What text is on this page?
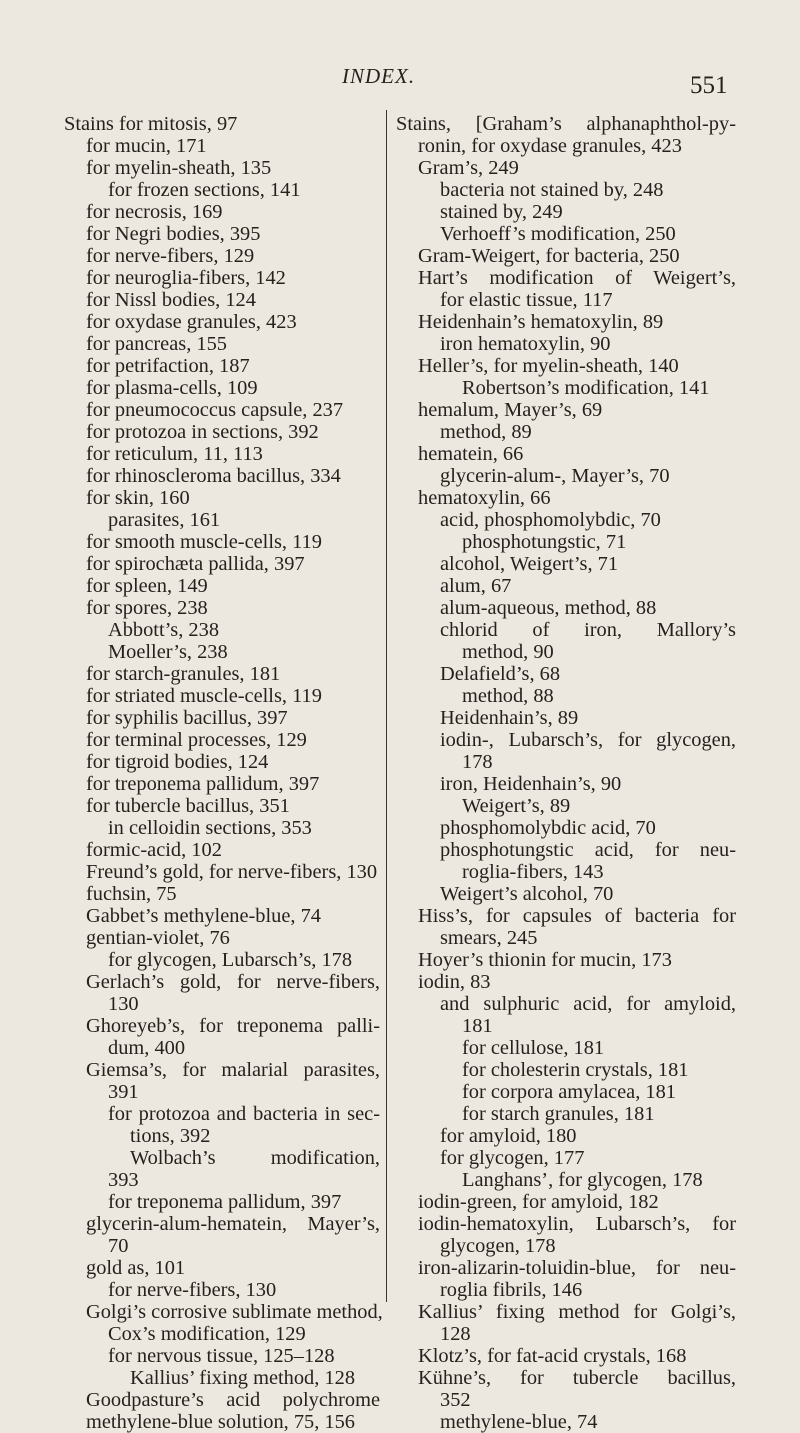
INDEX.	551
Stains for mitosis, 97
for mucin, 171
for myelin-sheath, 135
for frozen sections, 141
for necrosis, 169
for Negri bodies, 395
for nerve-fibers, 129
for neuroglia-fibers, 142
for Nissl bodies, 124
for oxydase granules, 423
for pancreas, 155
for petrifaction, 187
for plasma-cells, 109
for pneumococcus capsule, 237
for protozoa in sections, 392
for reticulum, 11, 113
for rhinoscleroma bacillus, 334
for skin, 160
parasites, 161
for smooth muscle-cells, 119
for spirochæta pallida, 397
for spleen, 149
for spores, 238
Abbott’s, 238
Moeller’s, 238
for starch-granules, 181
for striated muscle-cells, 119
for syphilis bacillus, 397
for terminal processes, 129
for tigroid bodies, 124
for treponema pallidum, 397
for tubercle bacillus, 351
in celloidin sections, 353
formic-acid, 102
Freund’s gold, for nerve-fibers, 130
fuchsin, 75
Gabbet’s methylene-blue, 74
gentian-violet, 76
for glycogen, Lubarsch’s, 178
Gerlach’s gold, for nerve-fibers,
130
Ghoreyeb’s, for treponema palli-
dum, 400
Giemsa’s, for malarial parasites,
391
for protozoa and bacteria in sec-
tions, 392
Wolbach’s modification,
393
for treponema pallidum, 397
glycerin-alum-hematein, Mayer’s,
70
gold as, 101
for nerve-fibers, 130
Golgi’s corrosive sublimate method,
Cox’s modification, 129
for nervous tissue, 125–128
Kallius’ fixing method, 128
Goodpasture’s acid polychrome
methylene-blue solution, 75, 156
Stains, [Graham’s alphanaphthol-py-
ronin, for oxydase granules, 423
Gram’s, 249
bacteria not stained by, 248
stained by, 249
Verhoeff’s modification, 250
Gram-Weigert, for bacteria, 250
Hart’s modification of Weigert’s,
for elastic tissue, 117
Heidenhain’s hematoxylin, 89
iron hematoxylin, 90
Heller’s, for myelin-sheath, 140
Robertson’s modification, 141
hemalum, Mayer’s, 69
method, 89
hematein, 66
glycerin-alum-, Mayer’s, 70
hematoxylin, 66
acid, phosphomolybdic, 70
phosphotungstic, 71
alcohol, Weigert’s, 71
alum, 67
alum-aqueous, method, 88
chlorid of iron, Mallory’s
method, 90
Delafield’s, 68
method, 88
Heidenhain’s, 89
iodin-, Lubarsch’s, for glycogen,
178
iron, Heidenhain’s, 90
Weigert’s, 89
phosphomolybdic acid, 70
phosphotungstic acid, for neu-
roglia-fibers, 143
Weigert’s alcohol, 70
Hiss’s, for capsules of bacteria for
smears, 245
Hoyer’s thionin for mucin, 173
iodin, 83
and sulphuric acid, for amyloid,
181
for cellulose, 181
for cholesterin crystals, 181
for corpora amylacea, 181
for starch granules, 181
for amyloid, 180
for glycogen, 177
Langhans’, for glycogen, 178
iodin-green, for amyloid, 182
iodin-hematoxylin, Lubarsch’s, for
glycogen, 178
iron-alizarin-toluidin-blue, for neu-
roglia fibrils, 146
Kallius’ fixing method for Golgi’s,
128
Klotz’s, for fat-acid crystals, 168
Kühne’s, for tubercle bacillus,
352
methylene-blue, 74
